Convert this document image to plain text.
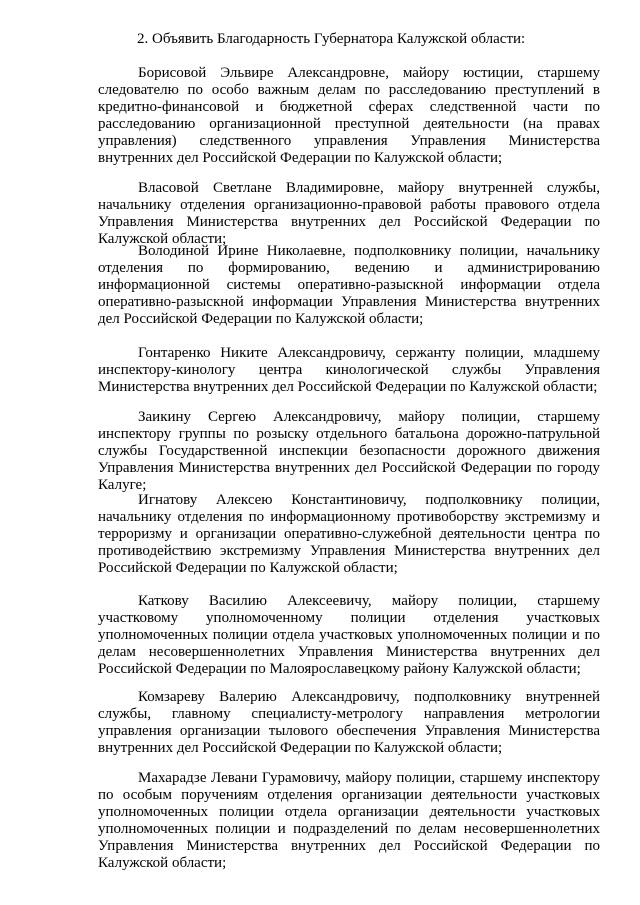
2. Объявить Благодарность Губернатора Калужской области:

Борисовой Эльвире Александровне, майору юстиции, старшему следователю по особо важным делам по расследованию преступлений в кредитно-финансовой и бюджетной сферах следственной части по расследованию организационной преступной деятельности (на правах управления) следственного управления Управления Министерства внутренних дел Российской Федерации по Калужской области;

Власовой Светлане Владимировне, майору внутренней службы, начальнику отделения организационно-правовой работы правового отдела Управления Министерства внутренних дел Российской Федерации по Калужской области;

Володиной Ирине Николаевне, подполковнику полиции, начальнику отделения по формированию, ведению и администрированию информационной системы оперативно-разыскной информации отдела оперативно-разыскной информации Управления Министерства внутренних дел Российской Федерации по Калужской области;

Гонтаренко Никите Александровичу, сержанту полиции, младшему инспектору-кинологу центра кинологической службы Управления Министерства внутренних дел Российской Федерации по Калужской области;

Заикину Сергею Александровичу, майору полиции, старшему инспектору группы по розыску отдельного батальона дорожно-патрульной службы Государственной инспекции безопасности дорожного движения Управления Министерства внутренних дел Российской Федерации по городу Калуге;

Игнатову Алексею Константиновичу, подполковнику полиции, начальнику отделения по информационному противоборству экстремизму и терроризму и организации оперативно-служебной деятельности центра по противодействию экстремизму Управления Министерства внутренних дел Российской Федерации по Калужской области;

Каткову Василию Алексеевичу, майору полиции, старшему участковому уполномоченному полиции отделения участковых уполномоченных полиции отдела участковых уполномоченных полиции и по делам несовершеннолетних Управления Министерства внутренних дел Российской Федерации по Малоярославецкому району Калужской области;

Комзареву Валерию Александровичу, подполковнику внутренней службы, главному специалисту-метрологу направления метрологии управления организации тылового обеспечения Управления Министерства внутренних дел Российской Федерации по Калужской области;

Махарадзе Левани Гурамовичу, майору полиции, старшему инспектору по особым поручениям отделения организации деятельности участковых уполномоченных полиции отдела организации деятельности участковых уполномоченных полиции и подразделений по делам несовершеннолетних Управления Министерства внутренних дел Российской Федерации по Калужской области;
